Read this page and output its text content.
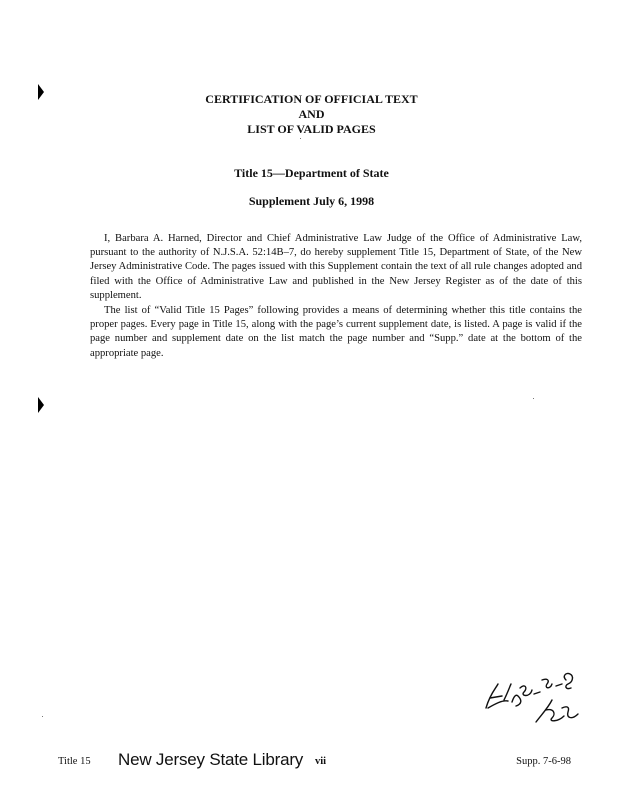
CERTIFICATION OF OFFICIAL TEXT
AND
LIST OF VALID PAGES
Title 15—Department of State
Supplement July 6, 1998
I, Barbara A. Harned, Director and Chief Administrative Law Judge of the Office of Administrative Law, pursuant to the authority of N.J.S.A. 52:14B–7, do hereby supplement Title 15, Department of State, of the New Jersey Administrative Code. The pages issued with this Supplement contain the text of all rule changes adopted and filed with the Office of Administrative Law and published in the New Jersey Register as of the date of this supplement.
The list of “Valid Title 15 Pages” following provides a means of determining whether this title contains the proper pages. Every page in Title 15, along with the page’s current supplement date, is listed. A page is valid if the page number and supplement date on the list match the page number and “Supp.” date at the bottom of the appropriate page.
Title 15 New Jersey State Library vii	Supp. 7-6-98
